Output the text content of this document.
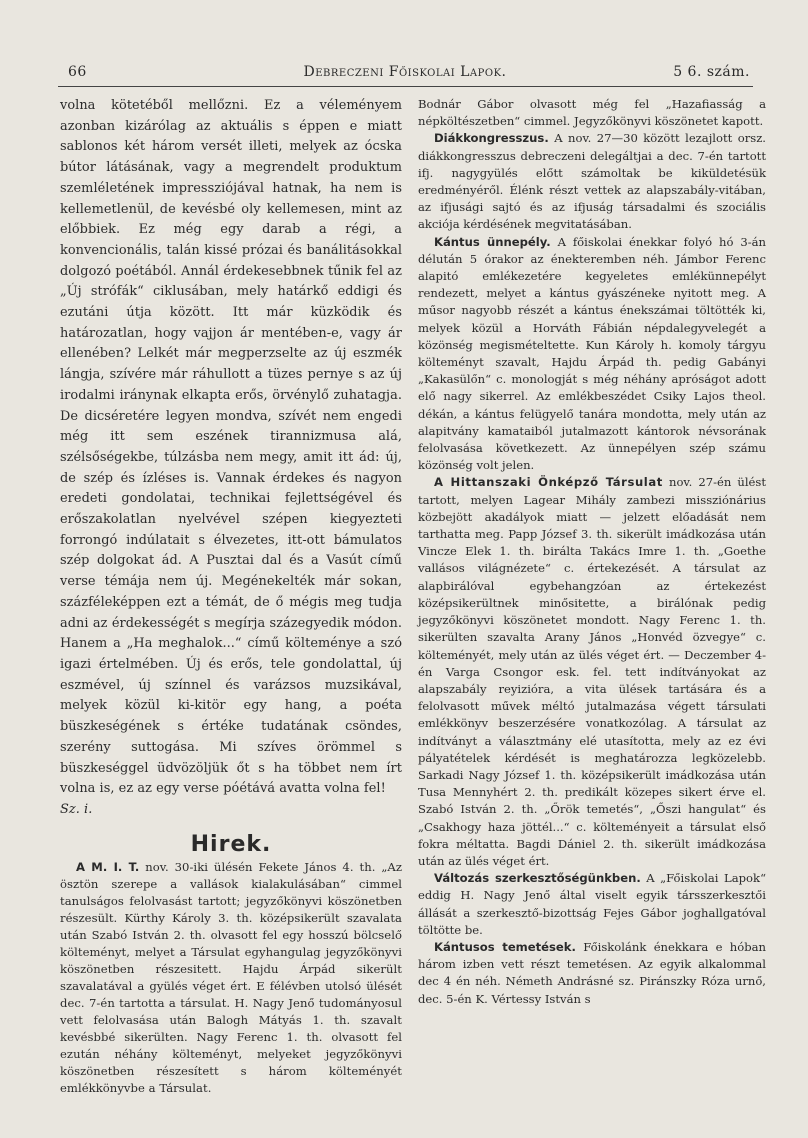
66	Debreczeni Főiskolai Lapok.	5 6. szám.

volna kötetéből mellőzni. Ez a véleményem azonban kizárólag az aktuális s éppen e miatt sablonos két három versét illeti, melyek az ócska bútor látásának, vagy a megrendelt produktum szemléletének impressziójával hatnak, ha nem is kellemetlenül, de kevésbé oly kellemesen, mint az előbbiek. Ez még egy darab a régi, a konvencionális, talán kissé prózai és banálitásokkal dolgozó poétából. Annál érdekesebbnek tűnik fel az „Új strófák“ ciklusában, mely határkő eddigi és ezutáni útja között. Itt már küzködik és határozatlan, hogy vajjon ár mentében-e, vagy ár ellenében? Lelkét már megperzselte az új eszmék lángja, szívére már ráhullott a tüzes pernye s az új irodalmi iránynak elkapta erős, örvénylő zuhatagja. De dicséretére legyen mondva, szívét nem engedi még itt sem eszének tirannizmusa alá, szélsőségekbe, túlzásba nem megy, amit itt ád: új, de szép és ízléses is. Vannak érdekes és nagyon eredeti gondolatai, technikai fejlettségével és erőszakolatlan nyelvével szépen kiegyezteti forrongó indúlatait s élvezetes, itt-ott bámulatos szép dolgokat ád. A Pusztai dal és a Vasút című verse témája nem új. Megénekelték már sokan, százféleképpen ezt a témát, de ő mégis meg tudja adni az érdekességét s megírja százegyedik módon. Hanem a „Ha meghalok...“ című költeménye a szó igazi értelmében. Új és erős, tele gondolattal, új eszmével, új színnel és varázsos muzsikával, melyek közül ki-kitör egy hang, a poéta büszkeségének s értéke tudatának csöndes, szerény suttogása. Mi szíves örömmel s büszkeséggel üdvözöljük őt s ha többet nem írt volna is, ez az egy verse póétává avatta volna fel!

Sz. i.

Hirek.

A M. I. T. nov. 30-iki ülésén Fekete János 4. th. „Az ösztön szerepe a vallások kialakulásában“ cimmel tanulságos felolvasást tartott; jegyzőkönyvi köszönetben részesült. Kürthy Károly 3. th. középsikerült szavalata után Szabó István 2. th. olvasott fel egy hosszú bölcselő költeményt, melyet a Társulat egyhangulag jegyzőkönyvi köszönetben részesitett. Hajdu Árpád sikerült szavalatával a gyülés véget ért. E félévben utolsó ülését dec. 7-én tartotta a társulat. H. Nagy Jenő tudományosul vett felolvasása után Balogh Mátyás 1. th. szavalt kevésbbé sikerülten. Nagy Ferenc 1. th. olvasott fel ezután néhány költeményt, melyeket jegyzőkönyvi köszönetben részesített s három költeményét emlékkönyvbe a Társulat.

Bodnár Gábor olvasott még fel „Hazafiasság a népköltészetben“ cimmel. Jegyzőkönyvi köszönetet kapott.

Diákkongresszus. A nov. 27—30 között lezajlott orsz. diákkongresszus debreczeni delegáltjai a dec. 7-én tartott ifj. nagygyülés előtt számoltak be kiküldetésük eredményéről. Élénk részt vettek az alapszabály-vitában, az ifjusági sajtó és az ifjuság társadalmi és szociális akciója kérdésének megvitatásában.

Kántus ünnepély. A főiskolai énekkar folyó hó 3-án délután 5 órakor az énekteremben néh. Jámbor Ferenc alapitó emlékezetére kegyeletes emlékünnepélyt rendezett, melyet a kántus gyászéneke nyitott meg. A műsor nagyobb részét a kántus énekszámai töltötték ki, melyek közül a Horváth Fábián népdalegyvelegét a közönség megismételtette. Kun Károly h. komoly tárgyu költeményt szavalt, Hajdu Árpád th. pedig Gabányi „Kakasülőn“ c. monologját s még néhány apróságot adott elő nagy sikerrel. Az emlékbeszédet Csiky Lajos theol. dékán, a kántus felügyelő tanára mondotta, mely után az alapitvány kamataiból jutalmazott kántorok névsorának felolvasása következett. Az ünnepélyen szép számu közönség volt jelen.

A Hittanszaki Önképző Társulat nov. 27-én ülést tartott, melyen Lagear Mihály zambezi missziónárius közbejött akadályok miatt — jelzett előadását nem tarthatta meg. Papp József 3. th. sikerült imádkozása után Vincze Elek 1. th. birálta Takács Imre 1. th. „Goethe vallásos világnézete“ c. értekezését. A társulat az alapbirálóval egybehangzóan az értekezést középsikerültnek minősitette, a birálónak pedig jegyzőkönyvi köszönetet mondott. Nagy Ferenc 1. th. sikerülten szavalta Arany János „Honvéd özvegye“ c. költeményét, mely után az ülés véget ért. — Deczember 4-én Varga Csongor esk. fel. tett indítványokat az alapszabály reyizióra, a vita ülések tartására és a felolvasott művek méltó jutalmazása végett társulati emlékkönyv beszerzésére vonatkozólag. A társulat az indítványt a választmány elé utasította, mely az ez évi pályatételek kérdését is meghatározza legközelebb. Sarkadi Nagy József 1. th. középsikerült imádkozása után Tusa Mennyhért 2. th. predikált közepes sikert érve el. Szabó István 2. th. „Őrök temetés“, „Őszi hangulat“ és „Csakhogy haza jöttél...“ c. költeményeit a társulat első fokra méltatta. Bagdi Dániel 2. th. sikerült imádkozása után az ülés véget ért.

Változás szerkesztőségünkben. A „Főiskolai Lapok“ eddig H. Nagy Jenő által viselt egyik társszerkesztői állását a szerkesztő-bizottság Fejes Gábor joghallgatóval töltötte be.

Kántusos temetések. Főiskolánk énekkara e hóban három izben vett részt temetésen. Az egyik alkalommal dec 4 én néh. Németh Andrásné sz. Piránszky Róza urnő, dec. 5-én K. Vértessy István s
